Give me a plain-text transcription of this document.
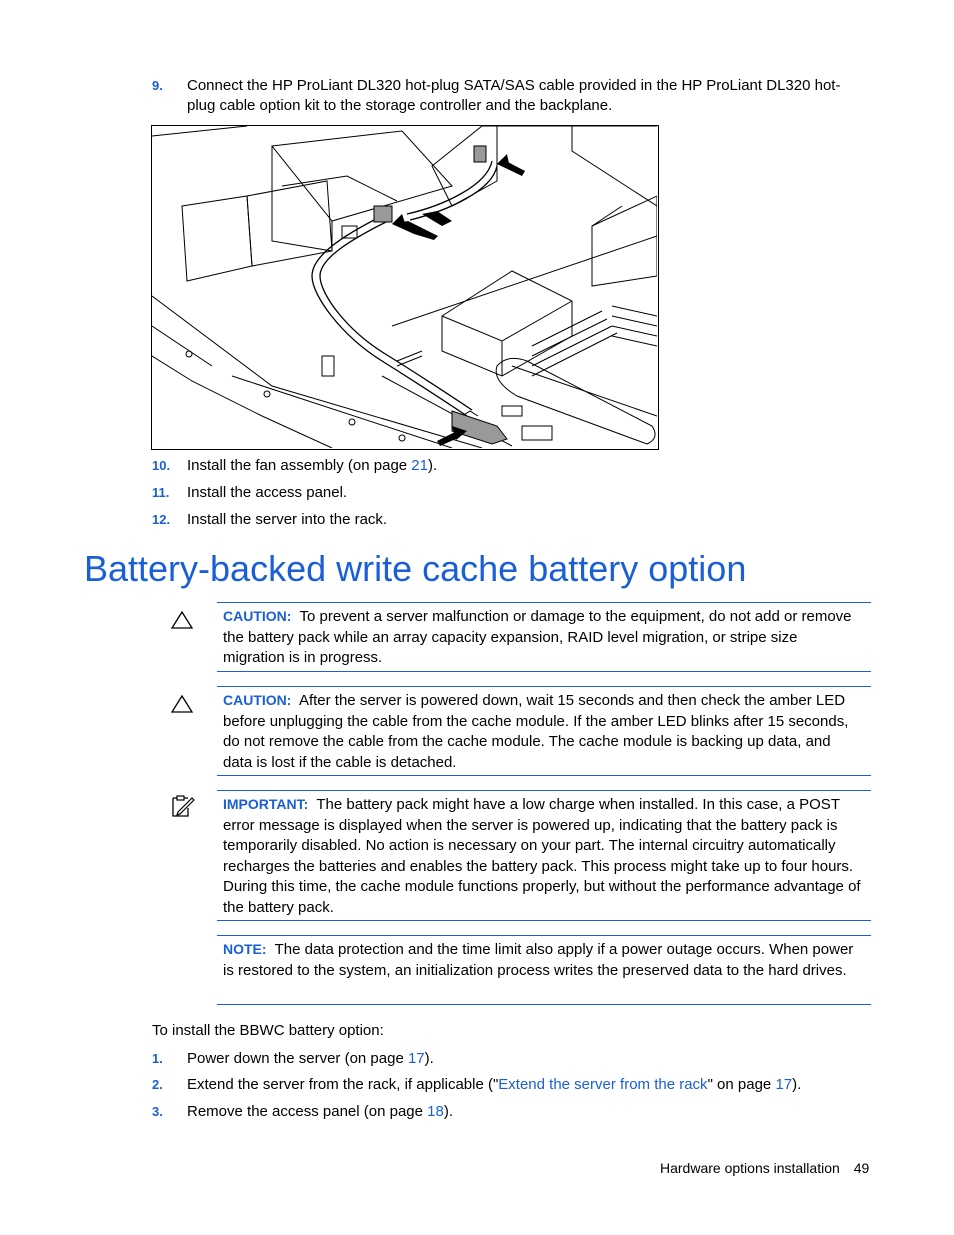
9. Connect the HP ProLiant DL320 hot-plug SATA/SAS cable provided in the HP ProLiant DL320 hot-plug cable option kit to the storage controller and the backplane.
10. Install the fan assembly (on page 21).
11. Install the access panel.
12. Install the server into the rack.
Battery-backed write cache battery option
CAUTION: To prevent a server malfunction or damage to the equipment, do not add or remove the battery pack while an array capacity expansion, RAID level migration, or stripe size migration is in progress.
CAUTION: After the server is powered down, wait 15 seconds and then check the amber LED before unplugging the cable from the cache module. If the amber LED blinks after 15 seconds, do not remove the cable from the cache module. The cache module is backing up data, and data is lost if the cable is detached.
IMPORTANT: The battery pack might have a low charge when installed. In this case, a POST error message is displayed when the server is powered up, indicating that the battery pack is temporarily disabled. No action is necessary on your part. The internal circuitry automatically recharges the batteries and enables the battery pack. This process might take up to four hours. During this time, the cache module functions properly, but without the performance advantage of the battery pack.
NOTE: The data protection and the time limit also apply if a power outage occurs. When power is restored to the system, an initialization process writes the preserved data to the hard drives.
To install the BBWC battery option:
1. Power down the server (on page 17).
2. Extend the server from the rack, if applicable ("Extend the server from the rack" on page 17).
3. Remove the access panel (on page 18).
Hardware options installation 49
